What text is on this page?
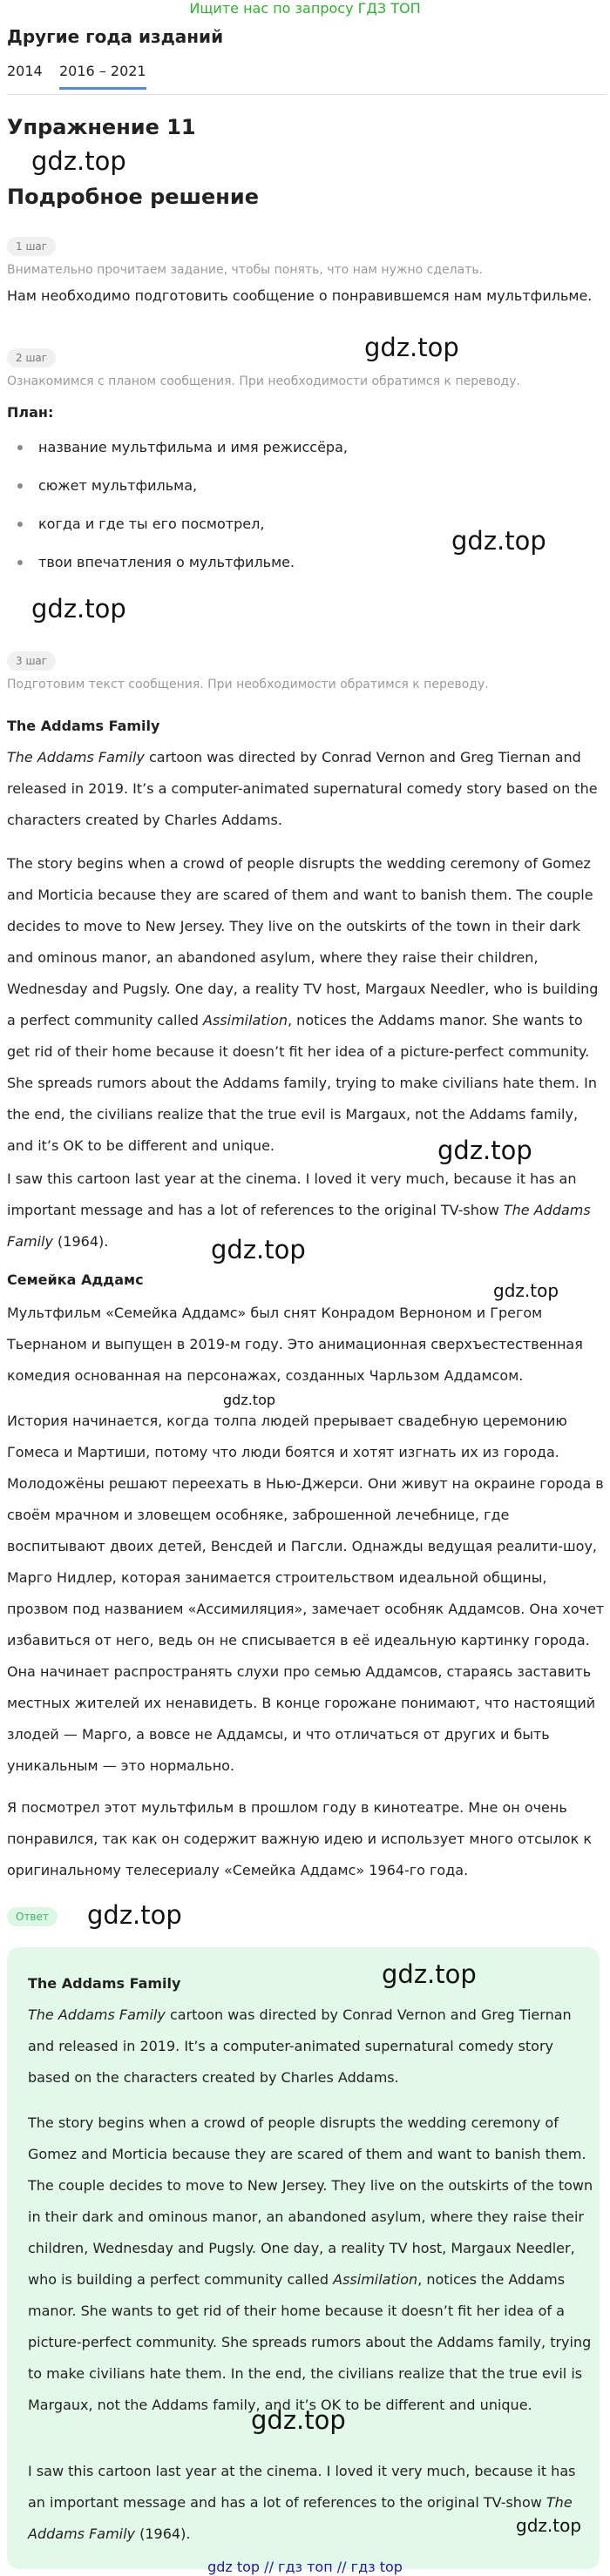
Ищите нас по запросу ГДЗ ТОП
Другие года изданий
2014 2016 – 2021
Упражнение 11
gdz.top
Подробное решение
1 шаг
Внимательно прочитаем задание, чтобы понять, что нам нужно сделать.
Нам необходимо подготовить сообщение о понравившемся нам мультфильме.
gdz.top
2 шаг
Ознакомимся с планом сообщения. При необходимости обратимся к переводу.
План:
название мультфильма и имя режиссёра,
сюжет мультфильма,
когда и где ты его посмотрел,
твои впечатления о мультфильме.
gdz.top
gdz.top
3 шаг
Подготовим текст сообщения. При необходимости обратимся к переводу.
The Addams Family
The Addams Family cartoon was directed by Conrad Vernon and Greg Tiernan and released in 2019. It’s a computer-animated supernatural comedy story based on the characters created by Charles Addams.
The story begins when a crowd of people disrupts the wedding ceremony of Gomez and Morticia because they are scared of them and want to banish them. The couple decides to move to New Jersey. They live on the outskirts of the town in their dark and ominous manor, an abandoned asylum, where they raise their children, Wednesday and Pugsly. One day, a reality TV host, Margaux Needler, who is building a perfect community called Assimilation, notices the Addams manor. She wants to get rid of their home because it doesn’t fit her idea of a picture-perfect community. She spreads rumors about the Addams family, trying to make civilians hate them. In the end, the civilians realize that the true evil is Margaux, not the Addams family, and it’s OK to be different and unique.	gdz.top
I saw this cartoon last year at the cinema. I loved it very much, because it has an important message and has a lot of references to the original TV-show The Addams Family (1964).	gdz.top
Семейка Аддамс
gdz.top
Мультфильм «Семейка Аддамс» был снят Конрадом Верноном и Грегом Тьернаном и выпущен в 2019-м году. Это анимационная сверхъестественная комедия основанная на персонажах, созданных Чарльзом Аддамсом.
gdz.top
История начинается, когда толпа людей прерывает свадебную церемонию Гомеса и Мартиши, потому что люди боятся и хотят изгнать их из города. Молодожёны решают переехать в Нью-Джерси. Они живут на окраине города в своём мрачном и зловещем особняке, заброшенной лечебнице, где воспитывают двоих детей, Венсдей и Пагсли. Однажды ведущая реалити-шоу, Марго Нидлер, которая занимается строительством идеальной общины, прозвом под названием «Ассимиляция», замечает особняк Аддамсов. Она хочет избавиться от него, ведь он не списывается в её идеальную картинку города. Она начинает распространять слухи про семью Аддамсов, стараясь заставить местных жителей их ненавидеть. В конце горожане понимают, что настоящий злодей — Марго, а вовсе не Аддамсы, и что отличаться от других и быть уникальным — это нормально.
Я посмотрел этот мультфильм в прошлом году в кинотеатре. Мне он очень понравился, так как он содержит важную идею и использует много отсылок к оригинальному телесериалу «Семейка Аддамс» 1964-го года.
Ответ	gdz.top
The Addams Family	gdz.top
The Addams Family cartoon was directed by Conrad Vernon and Greg Tiernan and released in 2019. It’s a computer-animated supernatural comedy story based on the characters created by Charles Addams.
The story begins when a crowd of people disrupts the wedding ceremony of Gomez and Morticia because they are scared of them and want to banish them. The couple decides to move to New Jersey. They live on the outskirts of the town in their dark and ominous manor, an abandoned asylum, where they raise their children, Wednesday and Pugsly. One day, a reality TV host, Margaux Needler, who is building a perfect community called Assimilation, notices the Addams manor. She wants to get rid of their home because it doesn’t fit her idea of a picture-perfect community. She spreads rumors about the Addams family, trying to make civilians hate them. In the end, the civilians realize that the true evil is Margaux, not the Addams family, and it’s OK to be different and unique.
gdz.top
I saw this cartoon last year at the cinema. I loved it very much, because it has an important message and has a lot of references to the original TV-show The Addams Family (1964).	gdz.top
gdz top // гдз топ // гдз top
